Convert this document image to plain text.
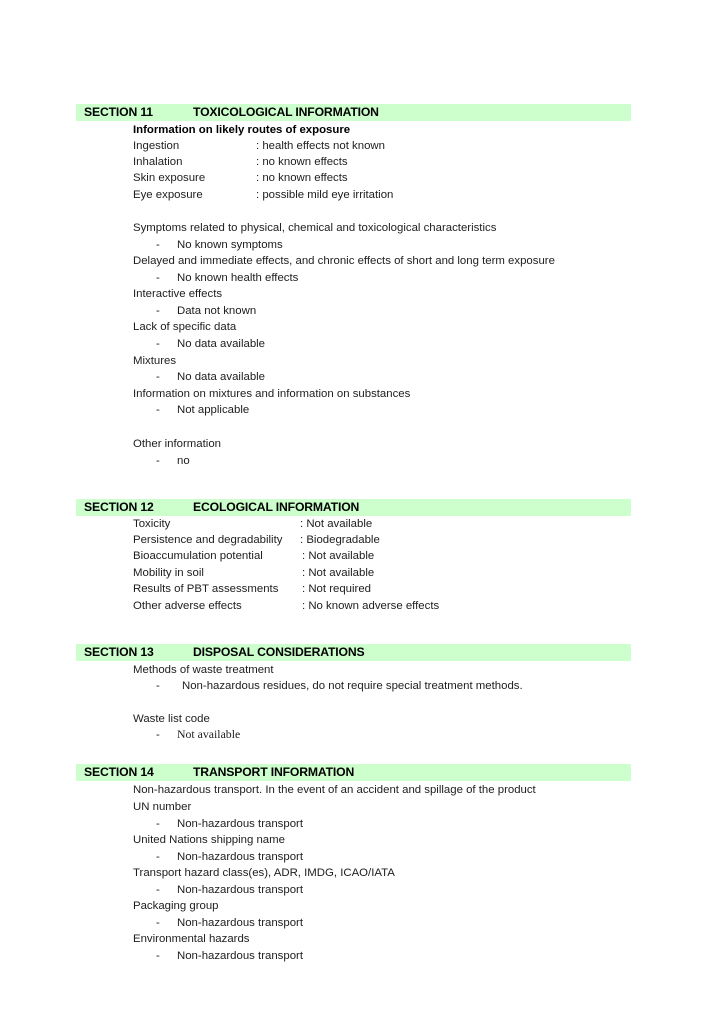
SECTION 11	TOXICOLOGICAL INFORMATION
Information on likely routes of exposure
Ingestion	: health effects not known
Inhalation	: no known effects
Skin exposure	: no known effects
Eye exposure	: possible mild eye irritation
Symptoms related to physical, chemical and toxicological characteristics
- No known symptoms
Delayed and immediate effects, and chronic effects of short and long term exposure
- No known health effects
Interactive effects
- Data not known
Lack of specific data
- No data available
Mixtures
- No data available
Information on mixtures and information on substances
- Not applicable
Other information
- no
SECTION 12	ECOLOGICAL INFORMATION
Toxicity	: Not available
Persistence and degradability : Biodegradable
Bioaccumulation potential	: Not available
Mobility in soil	: Not available
Results of PBT assessments : Not required
Other adverse effects	: No known adverse effects
SECTION 13	DISPOSAL CONSIDERATIONS
Methods of waste treatment
- Non-hazardous residues, do not require special treatment methods.
Waste list code
- Not available
SECTION 14	TRANSPORT INFORMATION
Non-hazardous transport. In the event of an accident and spillage of the product
UN number
- Non-hazardous transport
United Nations shipping name
- Non-hazardous transport
Transport hazard class(es), ADR, IMDG, ICAO/IATA
- Non-hazardous transport
Packaging group
- Non-hazardous transport
Environmental hazards
- Non-hazardous transport
